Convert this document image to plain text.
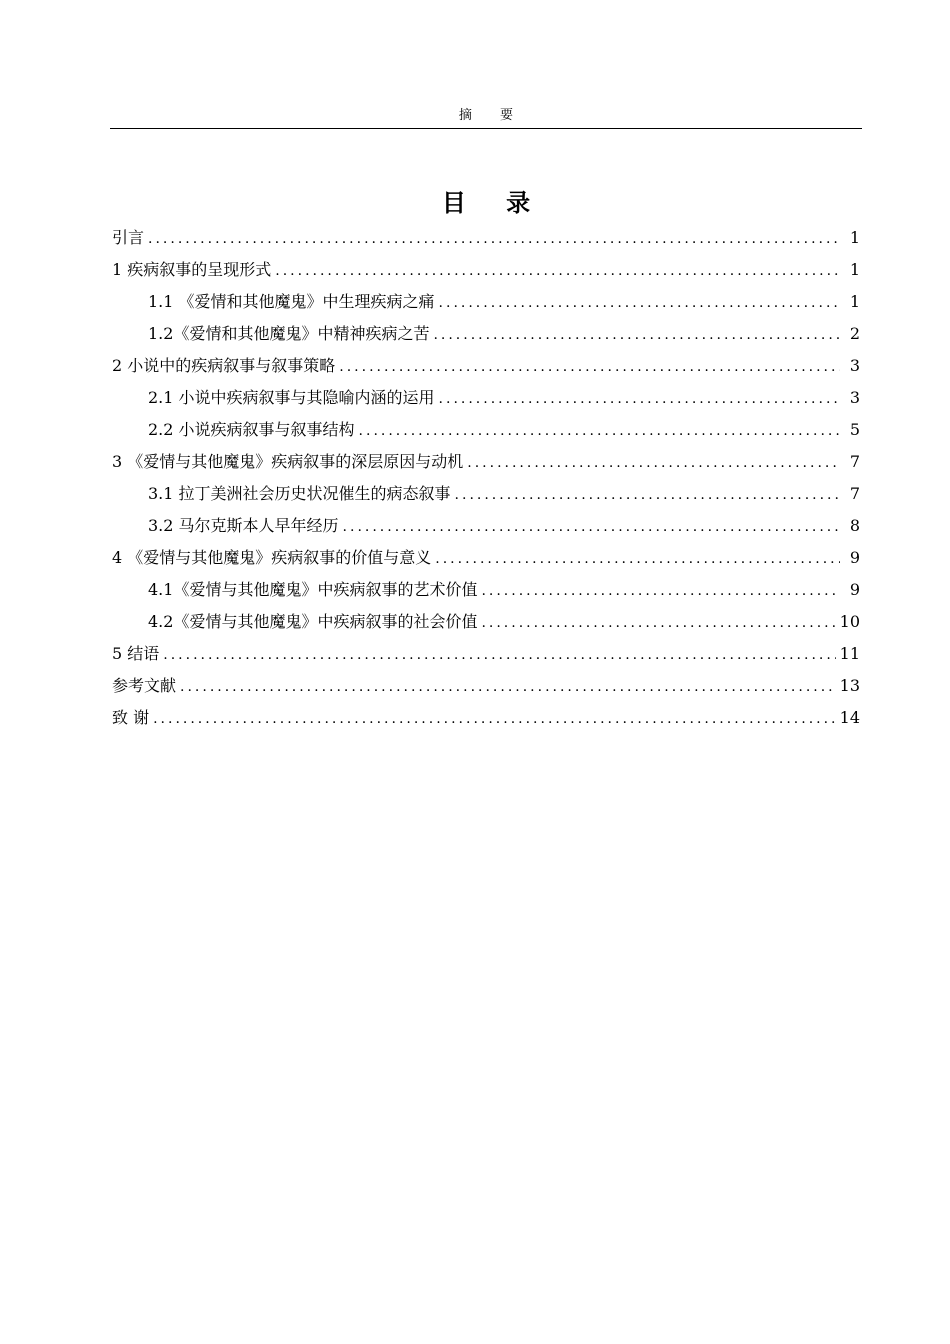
摘 要
目 录
引言 .....	1
1 疾病叙事的呈现形式 .....	1
1.1 《爱情和其他魔鬼》中生理疾病之痛 .....	1
1.2《爱情和其他魔鬼》中精神疾病之苦 .....	2
2 小说中的疾病叙事与叙事策略 .....	3
2.1 小说中疾病叙事与其隐喻内涵的运用 .....	3
2.2 小说疾病叙事与叙事结构 .....	5
3 《爱情与其他魔鬼》疾病叙事的深层原因与动机 .....	7
3.1 拉丁美洲社会历史状况催生的病态叙事 .....	7
3.2 马尔克斯本人早年经历 .....	8
4 《爱情与其他魔鬼》疾病叙事的价值与意义 .....	9
4.1《爱情与其他魔鬼》中疾病叙事的艺术价值 .....	9
4.2《爱情与其他魔鬼》中疾病叙事的社会价值 .....	10
5 结语 .....	11
参考文献 .....	13
致 谢 .....	14
